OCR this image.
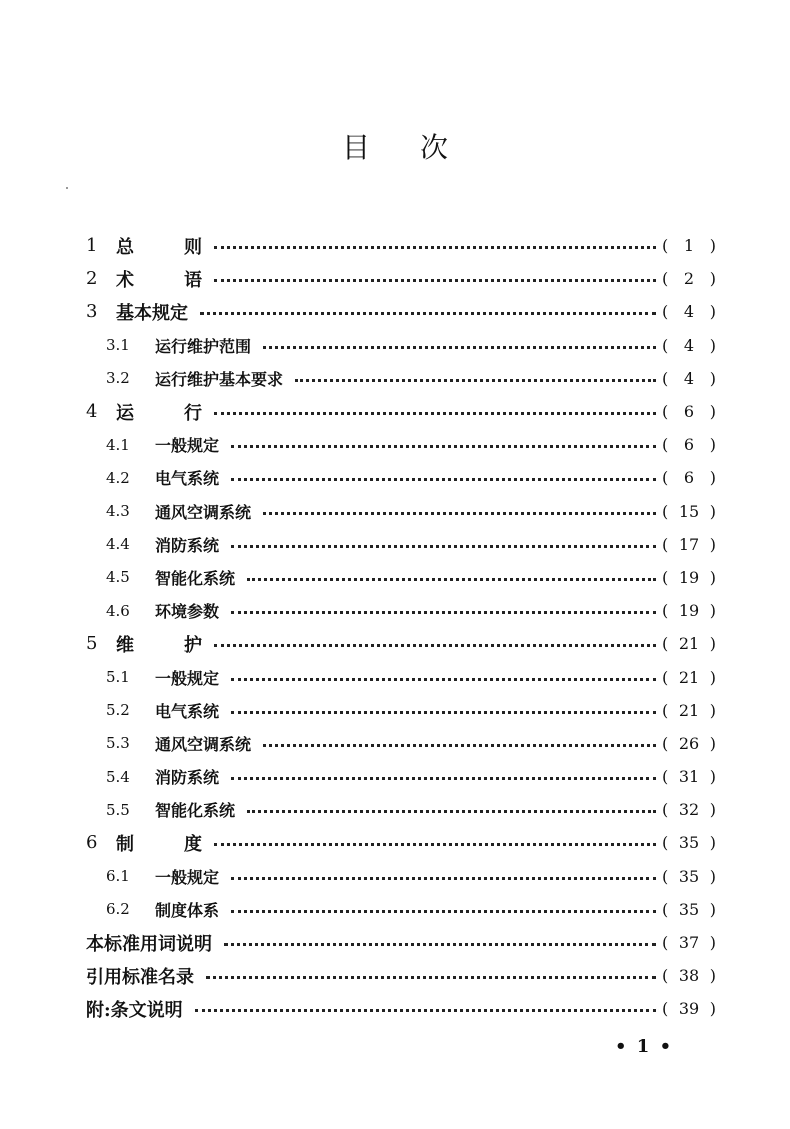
目次
1	总	则	( 1 )
2	术	语	( 2 )
3	基本规定	( 4 )
3.1	运行维护范围	( 4 )
3.2	运行维护基本要求	( 4 )
4	运	行	( 6 )
4.1	一般规定	( 6 )
4.2	电气系统	( 6 )
4.3	通风空调系统	( 15 )
4.4	消防系统	( 17 )
4.5	智能化系统	( 19 )
4.6	环境参数	( 19 )
5	维	护	( 21 )
5.1	一般规定	( 21 )
5.2	电气系统	( 21 )
5.3	通风空调系统	( 26 )
5.4	消防系统	( 31 )
5.5	智能化系统	( 32 )
6	制	度	( 35 )
6.1	一般规定	( 35 )
6.2	制度体系	( 35 )
本标准用词说明	( 37 )
引用标准名录	( 38 )
附:条文说明	( 39 )
• 1 •
